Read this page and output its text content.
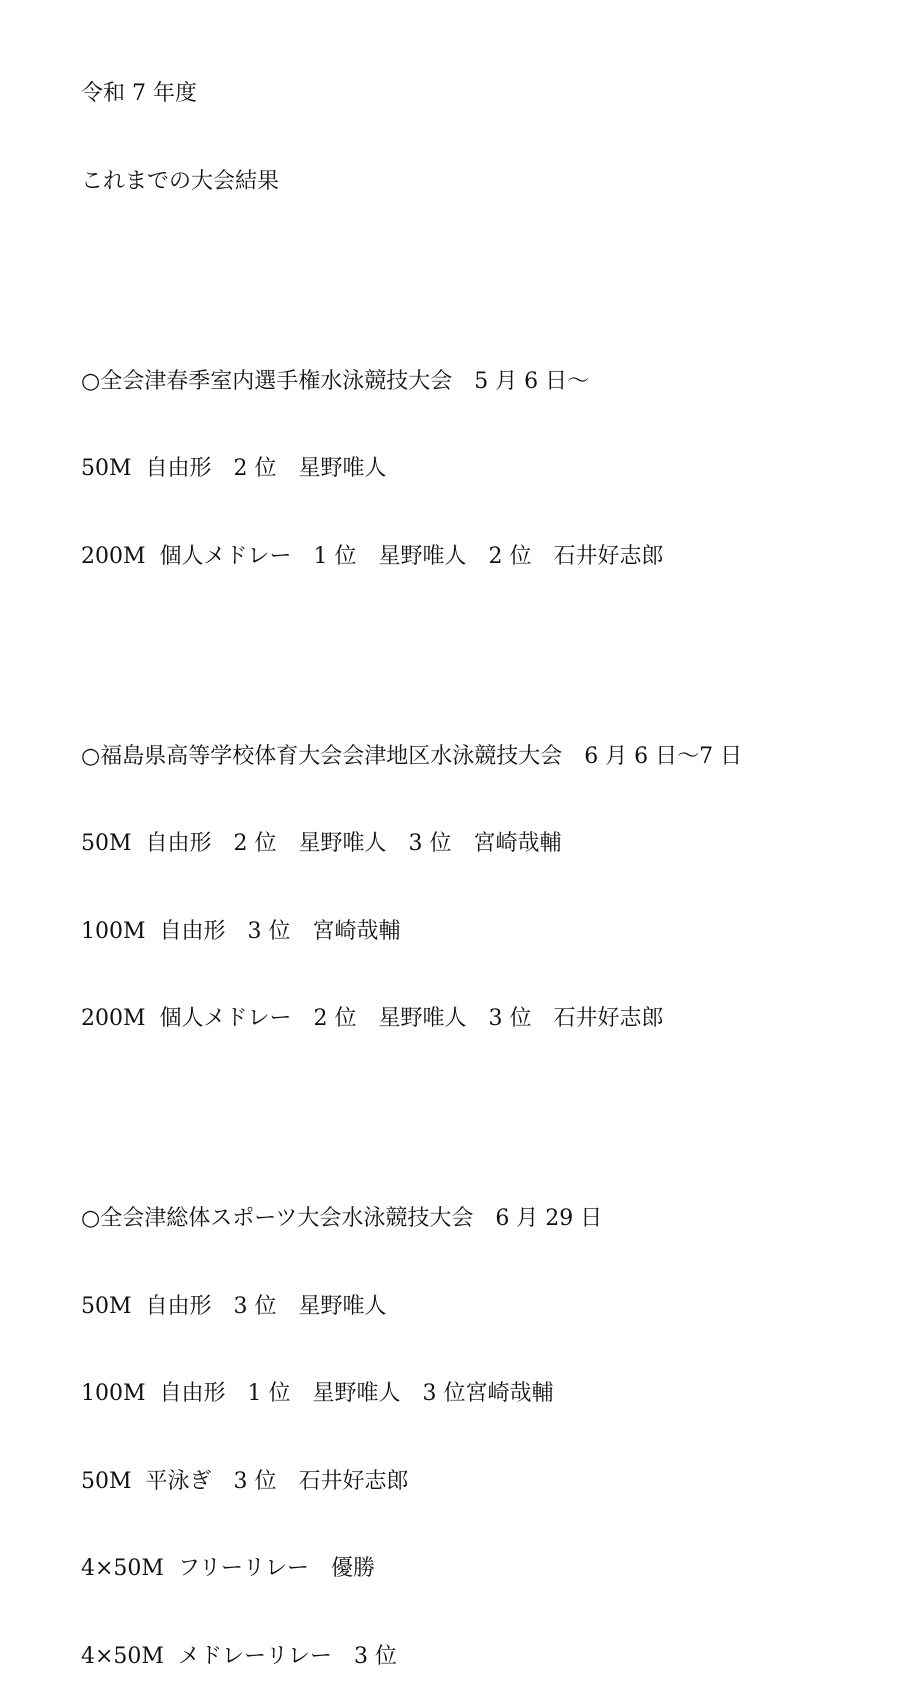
令和 7 年度

これまでの大会結果

○全会津春季室内選手権水泳競技大会　5 月 6 日～

50M  自由形　2 位　星野唯人

200M  個人メドレー　1 位　星野唯人　2 位　石井好志郎

○福島県高等学校体育大会会津地区水泳競技大会　6 月 6 日～7 日

50M  自由形　2 位　星野唯人　3 位　宮崎哉輔

100M  自由形　3 位　宮崎哉輔

200M  個人メドレー　2 位　星野唯人　3 位　石井好志郎

○全会津総体スポーツ大会水泳競技大会　6 月 29 日

50M  自由形　3 位　星野唯人

100M  自由形　1 位　星野唯人　3 位宮崎哉輔

50M  平泳ぎ　3 位　石井好志郎

4×50M  フリーリレー　優勝

4×50M  メドレーリレー　3 位
